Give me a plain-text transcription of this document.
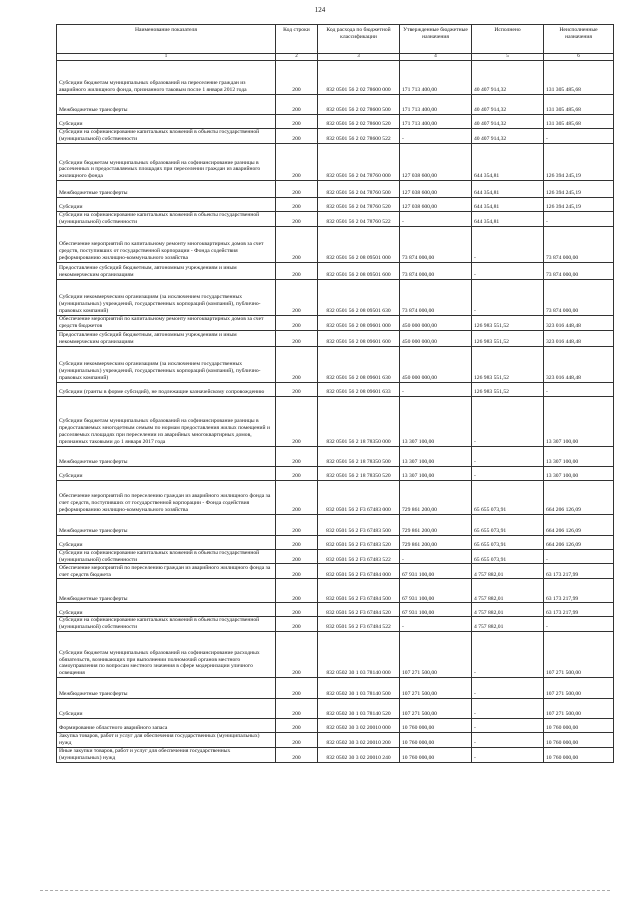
124
Наименование показателя	Код строки	Код расхода по бюджетной классификации	Утвержденные бюджетные назначения	Исполнено	Неисполненные назначения
1	2	3	4	5	6
Субсидии бюджетам муниципальных образований на переселение граждан из аварийного жилищного фонда, признанного таковым после 1 января 2012 года	200	832 0501 56 2 02 78600 000	171 713 400,00	40 407 914,32	131 305 485,68
Межбюджетные трансферты	200	832 0501 56 2 02 78600 500	171 713 400,00	40 407 914,32	131 305 485,68
Субсидии	200	832 0501 56 2 02 78600 520	171 713 400,00	40 407 914,32	131 305 485,68
Субсидии на софинансирование капитальных вложений в объекты государственной (муниципальной) собственности	200	832 0501 56 2 02 78600 522	-	40 407 914,32	-
Субсидии бюджетам муниципальных образований на софинансирование разницы в рассеченных и предоставляемых площадях при переселении граждан из аварийного жилищного фонда	200	832 0501 56 2 04 78760 000	127 038 600,00	644 354,81	126 394 245,19
Межбюджетные трансферты	200	832 0501 56 2 04 78760 500	127 038 600,00	644 354,81	126 394 245,19
Субсидии	200	832 0501 56 2 04 78760 520	127 038 600,00	644 354,81	126 394 245,19
Субсидии на софинансирование капитальных вложений в объекты государственной (муниципальной) собственности	200	832 0501 56 2 04 78760 522	-	644 354,81	-
Обеспечение мероприятий по капитальному ремонту многоквартирных домов за счет средств, поступивших от государственной корпорации - Фонда содействия реформированию жилищно-коммунального хозяйства	200	832 0501 56 2 08 09501 000	73 874 000,00	-	73 874 000,00
Предоставление субсидий бюджетным, автономным учреждениям и иным некоммерческим организациям	200	832 0501 56 2 08 09501 600	73 874 000,00	-	73 874 000,00
Субсидии некоммерческим организациям (за исключением государственных (муниципальных) учреждений, государственных корпораций (компаний), публично-правовых компаний)	200	832 0501 56 2 08 09501 630	73 874 000,00	-	73 874 000,00
Обеспечение мероприятий по капитальному ремонту многоквартирных домов за счет средств бюджетов	200	832 0501 56 2 08 09601 000	450 000 000,00	126 983 551,52	323 016 448,48
Предоставление субсидий бюджетным, автономным учреждениям и иным некоммерческим организациям	200	832 0501 56 2 08 09601 600	450 000 000,00	126 983 551,52	323 016 448,48
Субсидии некоммерческим организациям (за исключением государственных (муниципальных) учреждений, государственных корпораций (компаний), публично-правовых компаний)	200	832 0501 56 2 08 09601 630	450 000 000,00	126 983 551,52	323 016 448,48
Субсидии (гранты в форме субсидий), не подлежащие казначейскому сопровождению	200	832 0501 56 2 08 09601 633	-	126 983 551,52	-
Субсидии бюджетам муниципальных образований на софинансирование разницы в предоставляемых многодетным семьям по нормам предоставления жилых помещений и расселяемых площадях при переселении из аварийных многоквартирных домов, признанных таковыми до 1 января 2017 года	200	832 0501 56 2 18 78350 000	13 307 100,00	-	13 307 100,00
Межбюджетные трансферты	200	832 0501 56 2 18 78350 500	13 307 100,00	-	13 307 100,00
Субсидии	200	832 0501 56 2 18 78350 520	13 307 100,00	-	13 307 100,00
Обеспечение мероприятий по переселению граждан из аварийного жилищного фонда за счет средств, поступивших от государственной корпорации - Фонда содействия реформированию жилищно-коммунального хозяйства	200	832 0501 56 2 F3 67483 000	729 861 200,00	65 655 073,91	664 206 126,09
Межбюджетные трансферты	200	832 0501 56 2 F3 67483 500	729 861 200,00	65 655 073,91	664 206 126,09
Субсидии	200	832 0501 56 2 F3 67483 520	729 861 200,00	65 655 073,91	664 206 126,09
Субсидии на софинансирование капитальных вложений в объекты государственной (муниципальной) собственности	200	832 0501 56 2 F3 67483 522	-	65 655 073,91	-
Обеспечение мероприятий по переселению граждан из аварийного жилищного фонда за счет средств бюджета	200	832 0501 56 2 F3 67484 000	67 931 100,00	4 757 882,01	63 173 217,99
Межбюджетные трансферты	200	832 0501 56 2 F3 67484 500	67 931 100,00	4 757 882,01	63 173 217,99
Субсидии	200	832 0501 56 2 F3 67484 520	67 931 100,00	4 757 882,01	63 173 217,99
Субсидии на софинансирование капитальных вложений в объекты государственной (муниципальной) собственности	200	832 0501 56 2 F3 67484 522	-	4 757 882,01	-
Субсидии бюджетам муниципальных образований на софинансирование расходных обязательств, возникающих при выполнении полномочий органов местного самоуправления по вопросам местного значения в сфере модернизации уличного освещения	200	832 0502 30 1 03 78140 000	107 271 500,00	-	107 271 500,00
Межбюджетные трансферты	200	832 0502 30 1 03 78140 500	107 271 500,00	-	107 271 500,00
Субсидии	200	832 0502 30 1 03 78140 520	107 271 500,00	-	107 271 500,00
Формирование областного аварийного запаса	200	832 0502 30 3 02 20010 000	10 760 000,00	-	10 760 000,00
Закупка товаров, работ и услуг для обеспечения государственных (муниципальных) нужд	200	832 0502 30 3 02 20010 200	10 760 000,00	-	10 760 000,00
Иные закупки товаров, работ и услуг для обеспечения государственных (муниципальных) нужд	200	832 0502 30 3 02 20010 240	10 760 000,00	-	10 760 000,00
